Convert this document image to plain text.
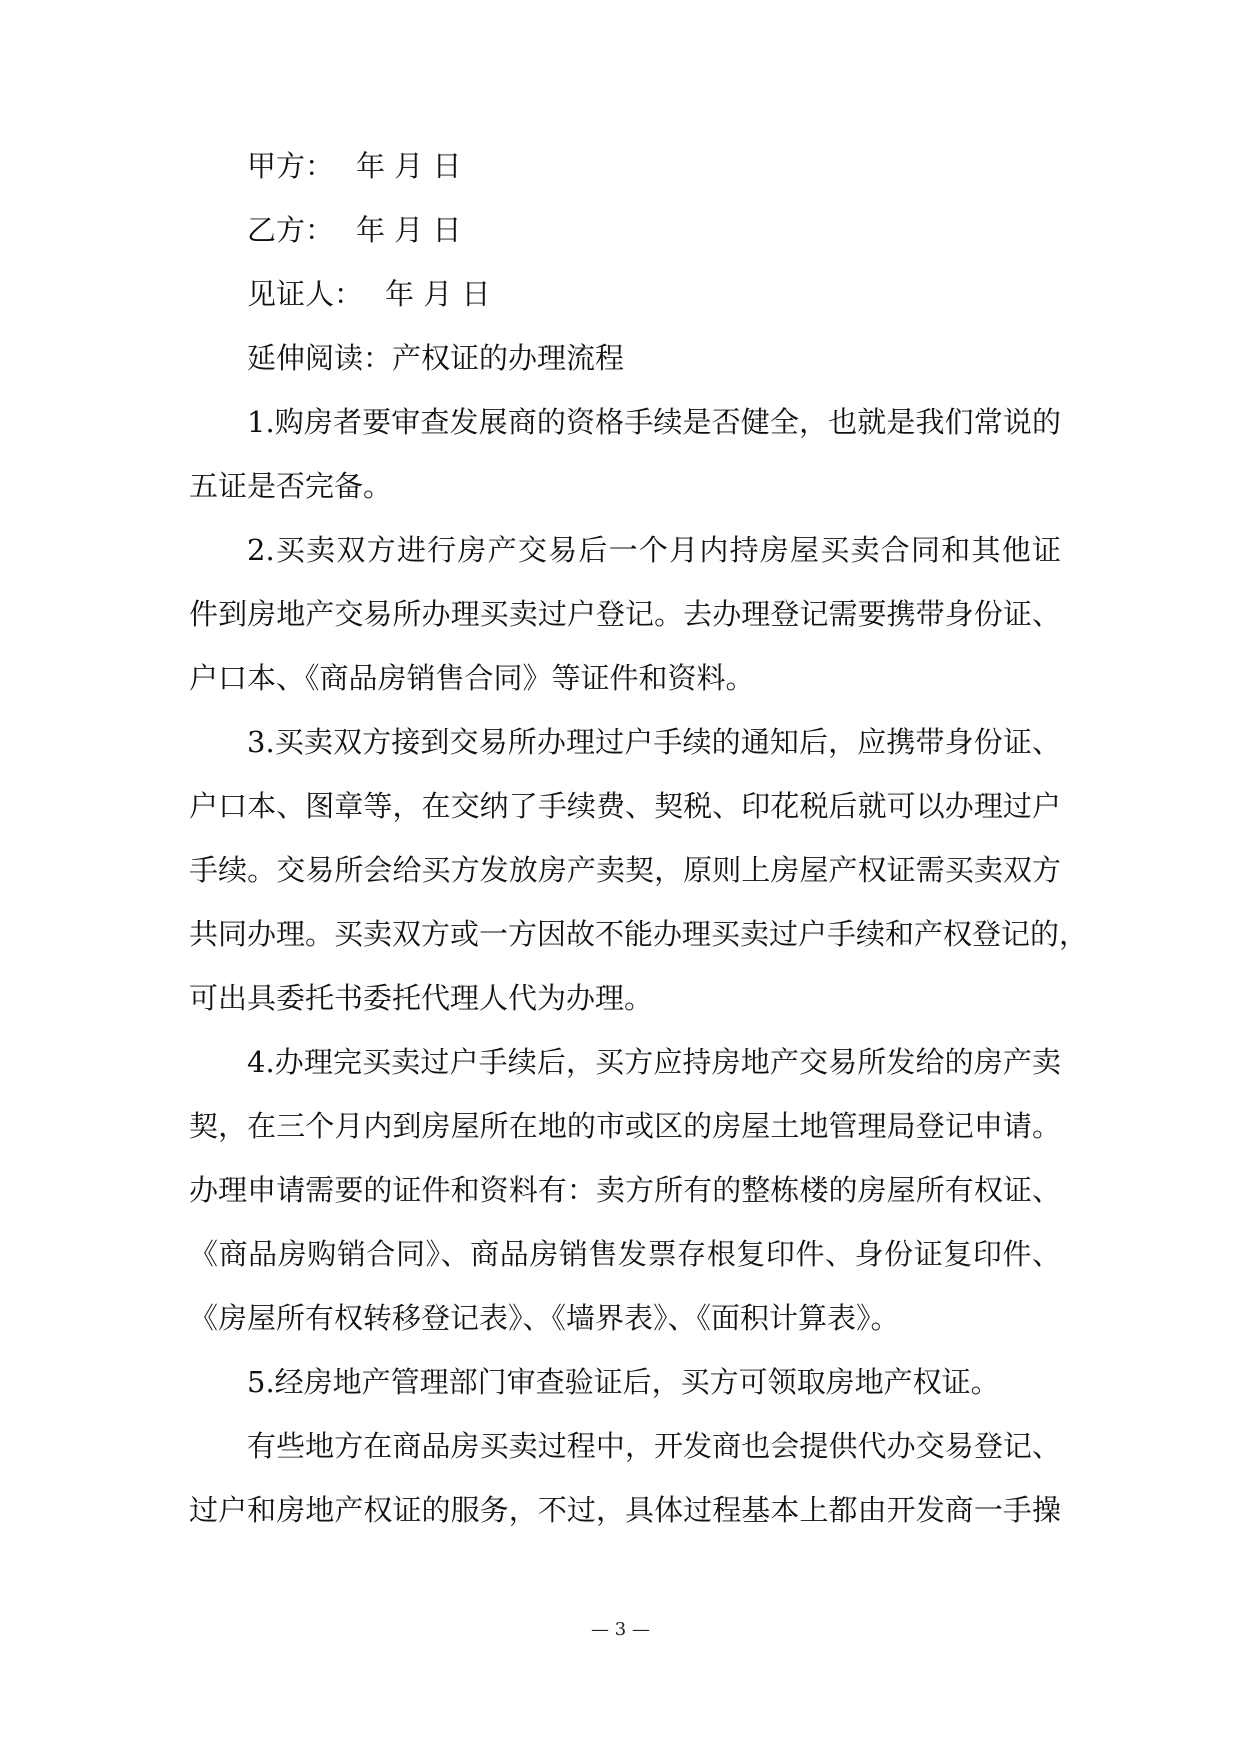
甲方： 年 月 日
乙方： 年 月 日
见证人： 年 月 日
延伸阅读：产权证的办理流程
1.购房者要审查发展商的资格手续是否健全，也就是我们常说的
五证是否完备。
2.买卖双方进行房产交易后一个月内持房屋买卖合同和其他证
件到房地产交易所办理买卖过户登记。去办理登记需要携带身份证、
户口本、《商品房销售合同》等证件和资料。
3.买卖双方接到交易所办理过户手续的通知后，应携带身份证、
户口本、图章等，在交纳了手续费、契税、印花税后就可以办理过户
手续。交易所会给买方发放房产卖契，原则上房屋产权证需买卖双方
共同办理。买卖双方或一方因故不能办理买卖过户手续和产权登记的，
可出具委托书委托代理人代为办理。
4.办理完买卖过户手续后，买方应持房地产交易所发给的房产卖
契，在三个月内到房屋所在地的市或区的房屋土地管理局登记申请。
办理申请需要的证件和资料有：卖方所有的整栋楼的房屋所有权证、
《商品房购销合同》、商品房销售发票存根复印件、身份证复印件、
《房屋所有权转移登记表》、《墙界表》、《面积计算表》。
5.经房地产管理部门审查验证后，买方可领取房地产权证。
有些地方在商品房买卖过程中，开发商也会提供代办交易登记、
过户和房地产权证的服务，不过，具体过程基本上都由开发商一手操
— 3 —
